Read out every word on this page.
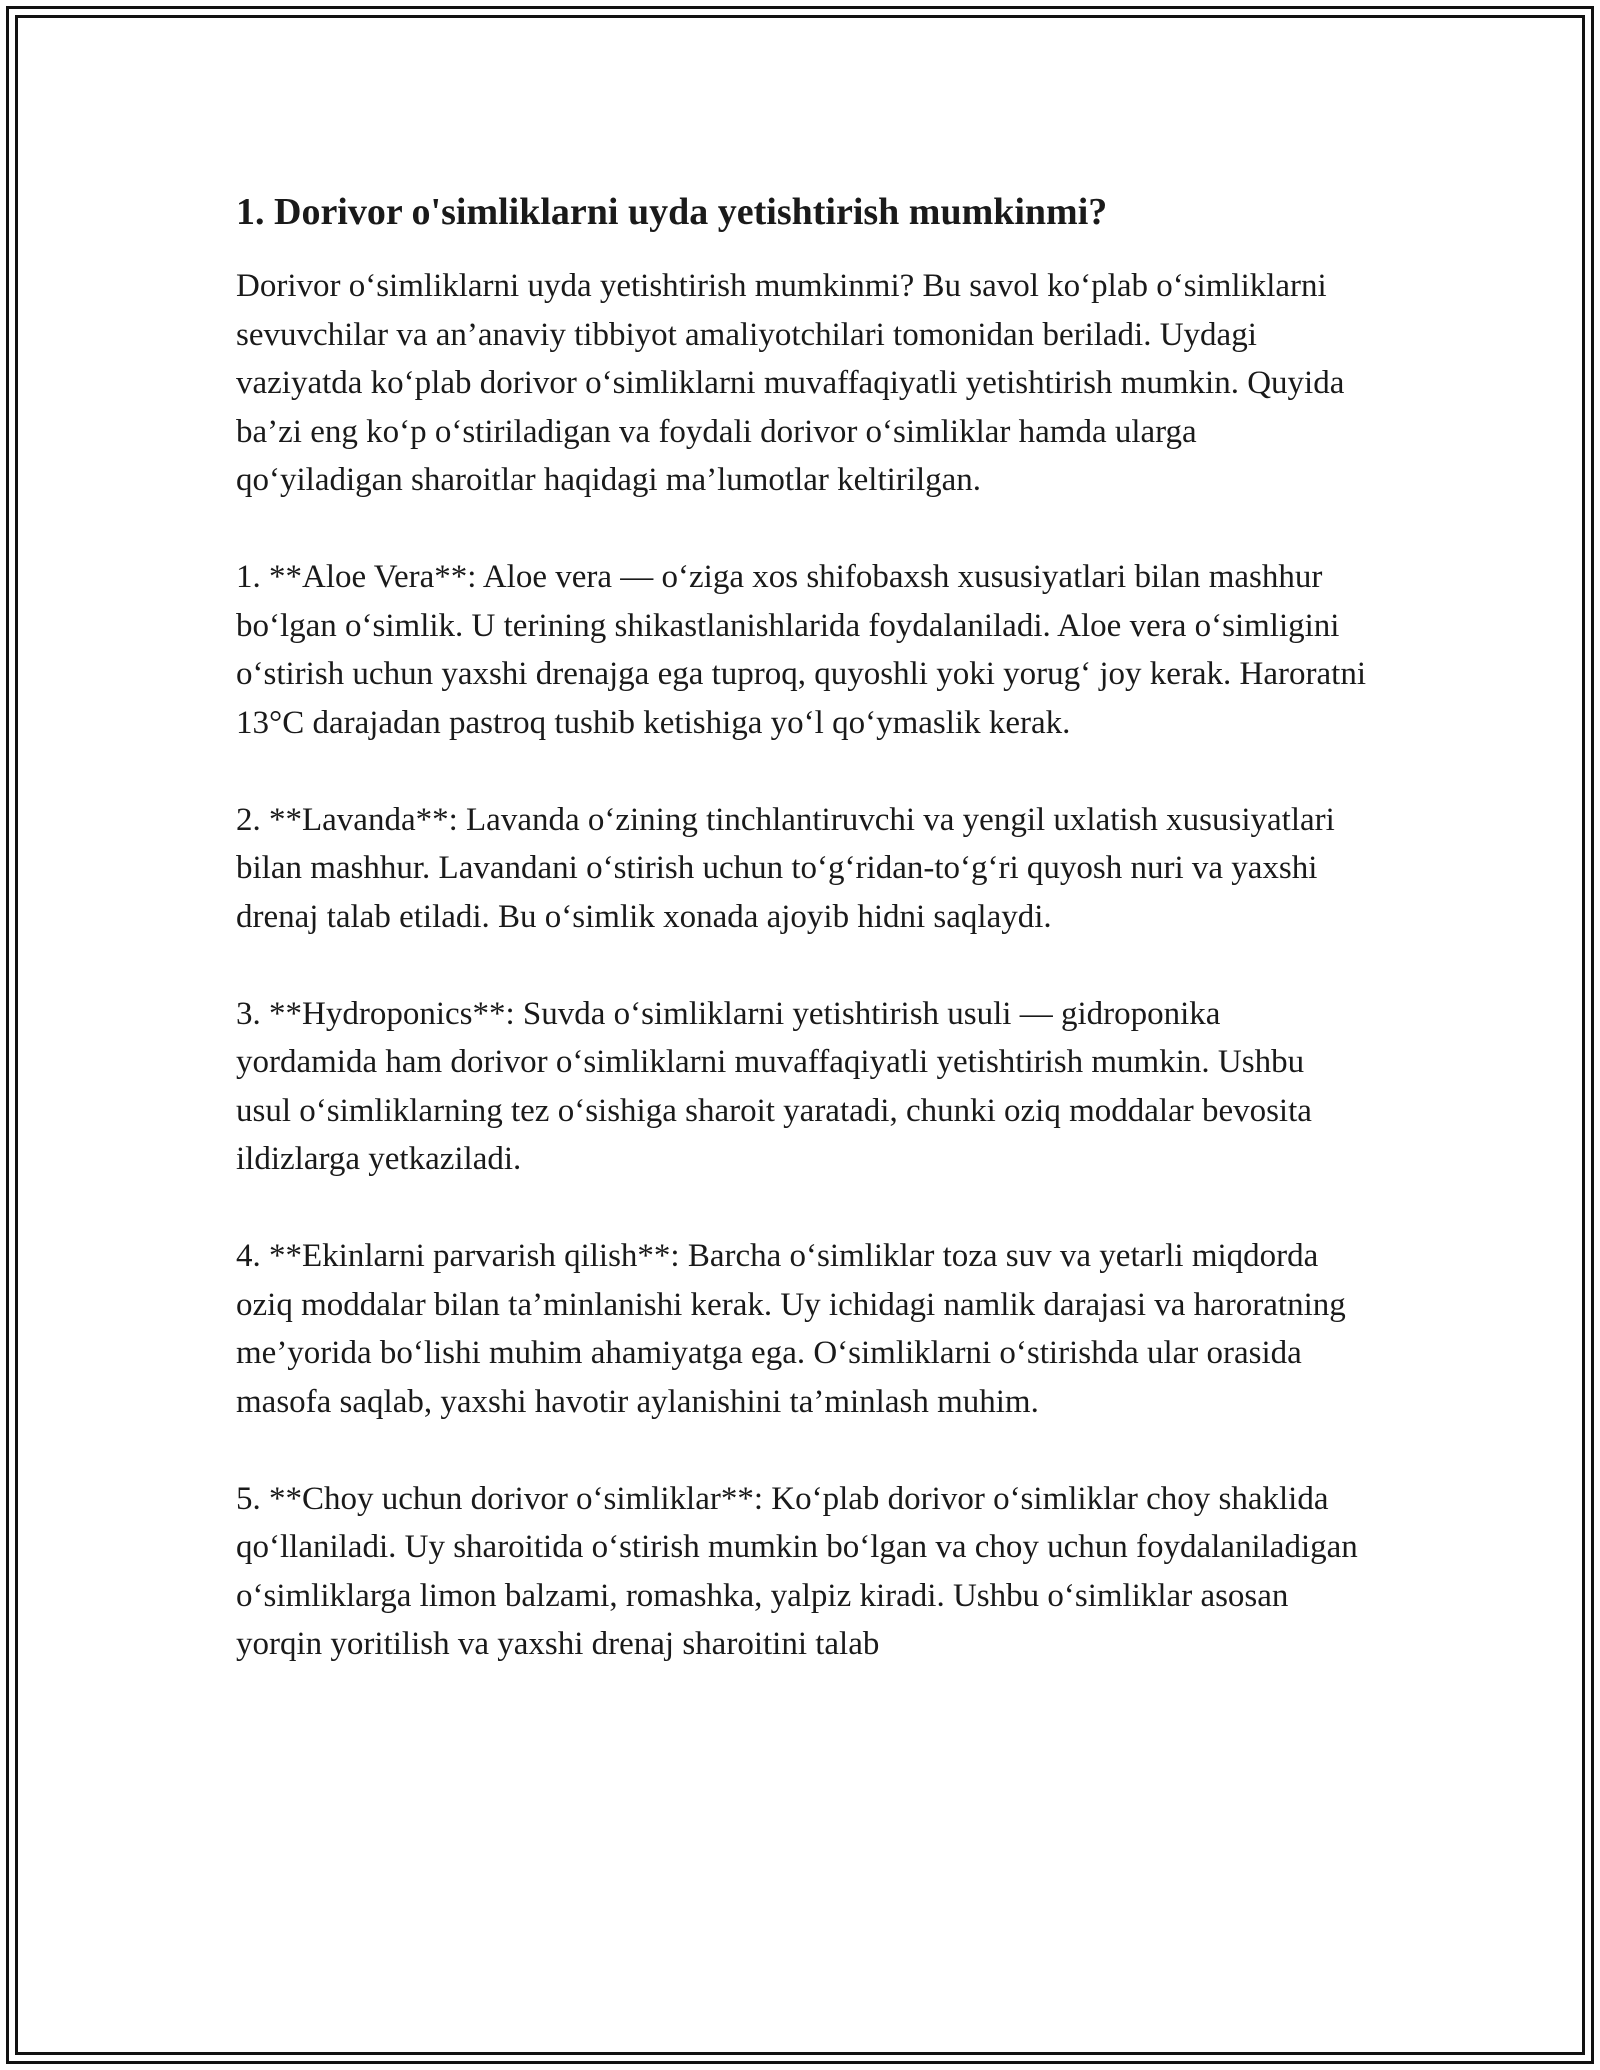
1. Dorivor o'simliklarni uyda yetishtirish mumkinmi?

Dorivor o‘simliklarni uyda yetishtirish mumkinmi? Bu savol ko‘plab o‘simliklarni sevuvchilar va an’anaviy tibbiyot amaliyotchilari tomonidan beriladi. Uydagi vaziyatda ko‘plab dorivor o‘simliklarni muvaffaqiyatli yetishtirish mumkin. Quyida ba’zi eng ko‘p o‘stiriladigan va foydali dorivor o‘simliklar hamda ularga qo‘yiladigan sharoitlar haqidagi ma’lumotlar keltirilgan.

1. **Aloe Vera**: Aloe vera — o‘ziga xos shifobaxsh xususiyatlari bilan mashhur bo‘lgan o‘simlik. U terining shikastlanishlarida foydalaniladi. Aloe vera o‘simligini o‘stirish uchun yaxshi drenajga ega tuproq, quyoshli yoki yorug‘ joy kerak. Haroratni 13°C darajadan pastroq tushib ketishiga yo‘l qo‘ymaslik kerak.

2. **Lavanda**: Lavanda o‘zining tinchlantiruvchi va yengil uxlatish xususiyatlari bilan mashhur. Lavandani o‘stirish uchun to‘g‘ridan-to‘g‘ri quyosh nuri va yaxshi drenaj talab etiladi. Bu o‘simlik xonada ajoyib hidni saqlaydi.

3. **Hydroponics**: Suvda o‘simliklarni yetishtirish usuli — gidroponika yordamida ham dorivor o‘simliklarni muvaffaqiyatli yetishtirish mumkin. Ushbu usul o‘simliklarning tez o‘sishiga sharoit yaratadi, chunki oziq moddalar bevosita ildizlarga yetkaziladi.

4. **Ekinlarni parvarish qilish**: Barcha o‘simliklar toza suv va yetarli miqdorda oziq moddalar bilan ta’minlanishi kerak. Uy ichidagi namlik darajasi va haroratning me’yorida bo‘lishi muhim ahamiyatga ega. O‘simliklarni o‘stirishda ular orasida masofa saqlab, yaxshi havotir aylanishini ta’minlash muhim.

5. **Choy uchun dorivor o‘simliklar**: Ko‘plab dorivor o‘simliklar choy shaklida qo‘llaniladi. Uy sharoitida o‘stirish mumkin bo‘lgan va choy uchun foydalaniladigan o‘simliklarga limon balzami, romashka, yalpiz kiradi. Ushbu o‘simliklar asosan yorqin yoritilish va yaxshi drenaj sharoitini talab
